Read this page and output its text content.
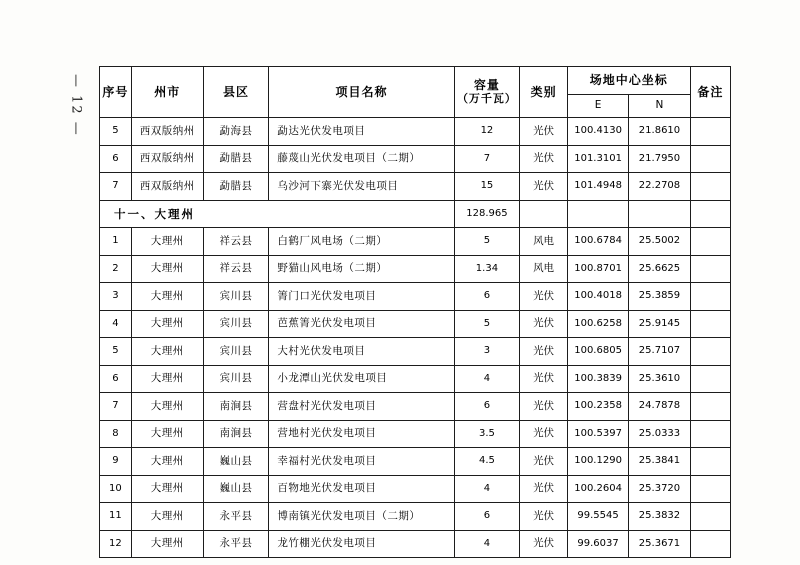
— 12 — 序号	州市	县区	项目名称	容量
（万千瓦）	类别	场地中心坐标		备注
						E	N	
5	西双版纳州	勐海县	勐达光伏发电项目	12	光伏	100.4130	21.8610	
6	西双版纳州	勐腊县	藤蔑山光伏发电项目（二期）	7	光伏	101.3101	21.7950	
7	西双版纳州	勐腊县	乌沙河下寨光伏发电项目	15	光伏	101.4948	22.2708	
十一、大理州				128.965				
1	大理州	祥云县	白鹤厂风电场（二期）	5	风电	100.6784	25.5002	
2	大理州	祥云县	野猫山风电场（二期）	1.34	风电	100.8701	25.6625	
3	大理州	宾川县	箐门口光伏发电项目	6	光伏	100.4018	25.3859	
4	大理州	宾川县	芭蕉箐光伏发电项目	5	光伏	100.6258	25.9145	
5	大理州	宾川县	大村光伏发电项目	3	光伏	100.6805	25.7107	
6	大理州	宾川县	小龙潭山光伏发电项目	4	光伏	100.3839	25.3610	
7	大理州	南涧县	营盘村光伏发电项目	6	光伏	100.2358	24.7878	
8	大理州	南涧县	营地村光伏发电项目	3.5	光伏	100.5397	25.0333	
9	大理州	巍山县	幸福村光伏发电项目	4.5	光伏	100.1290	25.3841	
10	大理州	巍山县	百物地光伏发电项目	4	光伏	100.2604	25.3720	
11	大理州	永平县	博南镇光伏发电项目（二期）	6	光伏	99.5545	25.3832	
12	大理州	永平县	龙竹棚光伏发电项目	4	光伏	99.6037	25.3671	
